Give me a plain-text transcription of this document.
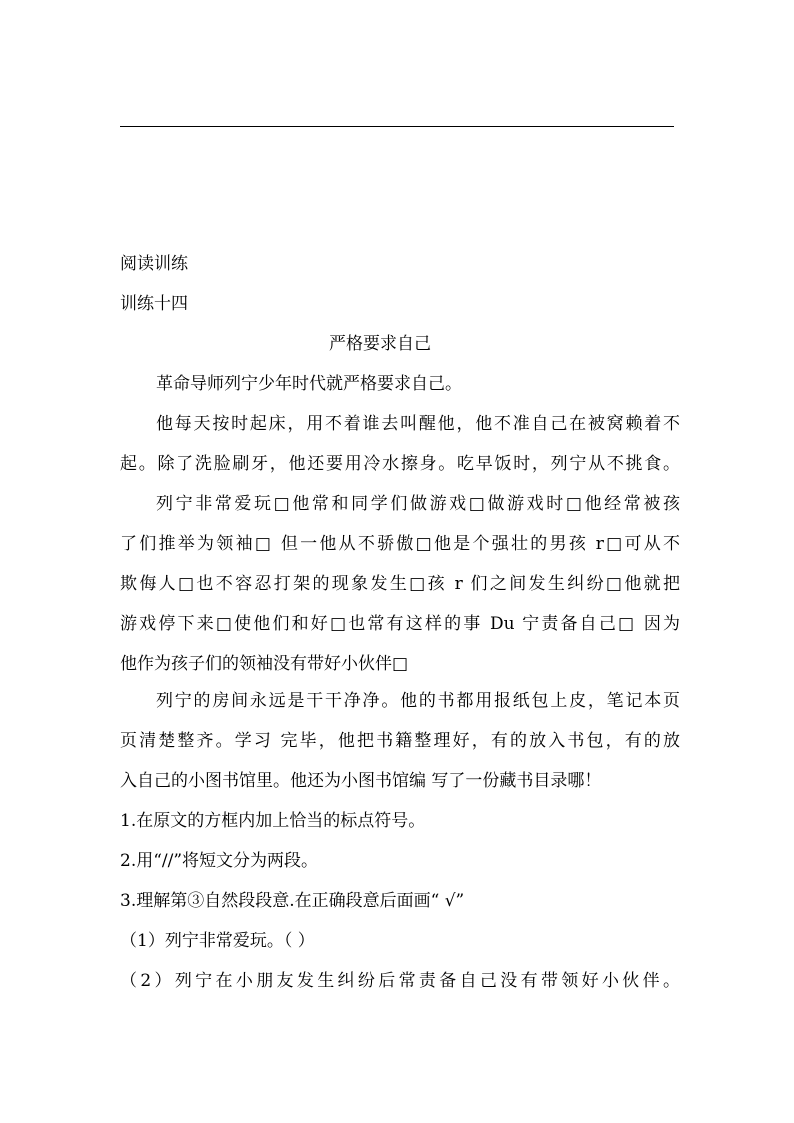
阅读训练
训练十四
严格要求自己
革命导师列宁少年时代就严格要求自己。
他每天按时起床，用不着谁去叫醒他，他不准自己在被窝赖着不
起。除了洗脸刷牙，他还要用冷水擦身。吃早饭时，列宁从不挑食。
列宁非常爱玩□他常和同学们做游戏□做游戏时□他经常被孩
了们推举为领袖□ 但一他从不骄傲□他是个强壮的男孩 r□可从不
欺侮人□也不容忍打架的现象发生□孩 r 们之间发生纠纷□他就把
游戏停下来□使他们和好□也常有这样的事 Du 宁责备自己□ 因为
他作为孩子们的领袖没有带好小伙伴□
列宁的房间永远是干干净净。他的书都用报纸包上皮，笔记本页
页清楚整齐。学习 完毕，他把书籍整理好，有的放入书包，有的放
入自己的小图书馆里。他还为小图书馆编 写了一份藏书目录哪！
1.在原文的方框内加上恰当的标点符号。
2.用“//”将短文分为两段。
3.理解第③自然段段意.在正确段意后面画“ √”
（1）列宁非常爱玩。（ ）
（2）列宁在小朋友发生纠纷后常责备自己没有带领好小伙伴。
